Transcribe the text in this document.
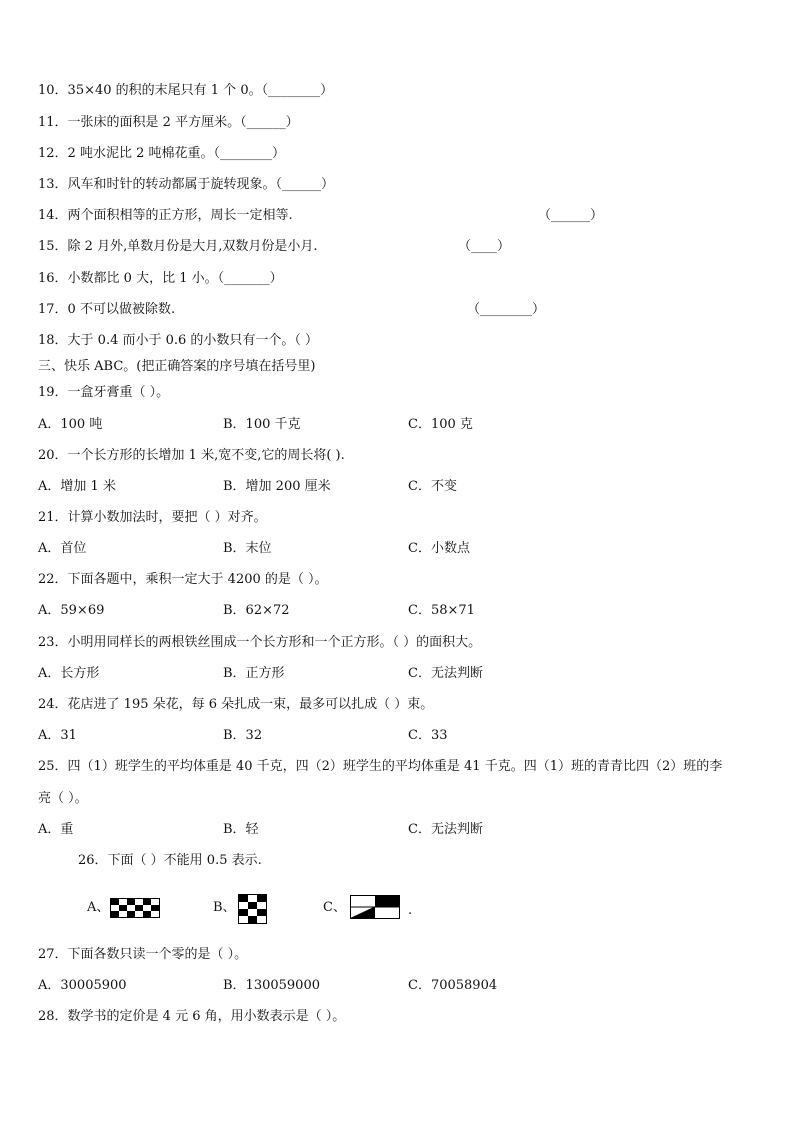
10．35×40 的积的末尾只有 1 个 0。（________）
11．一张床的面积是 2 平方厘米。（______）
12．2 吨水泥比 2 吨棉花重。（________）
13．风车和时针的转动都属于旋转现象。（______）
14．两个面积相等的正方形，周长一定相等.	（______）
15．除 2 月外,单数月份是大月,双数月份是小月.	（____）
16．小数都比 0 大，比 1 小。（_______）
17．0 不可以做被除数.	（________）
18．大于 0.4 而小于 0.6 的小数只有一个。（ ）
三、快乐 ABC。(把正确答案的序号填在括号里)
19．一盒牙膏重（ ）。
A．100 吨	B．100 千克	C．100 克
20．一个长方形的长增加 1 米,宽不变,它的周长将( ).
A．增加 1 米	B．增加 200 厘米	C．不变
21．计算小数加法时，要把（ ）对齐。
A．首位	B．末位	C．小数点
22．下面各题中，乘积一定大于 4200 的是（ ）。
A．59×69	B．62×72	C．58×71
23．小明用同样长的两根铁丝围成一个长方形和一个正方形。（ ）的面积大。
A．长方形	B．正方形	C．无法判断
24．花店进了 195 朵花，每 6 朵扎成一束，最多可以扎成（ ）束。
A．31	B．32	C．33
25．四（1）班学生的平均体重是 40 千克，四（2）班学生的平均体重是 41 千克。四（1）班的青青比四（2）班的李
亮（ ）。
A．重	B．轻	C．无法判断
26．下面（ ）不能用 0.5 表示.
A、	B、	C、	.
27．下面各数只读一个零的是（ ）。
A．30005900	B．130059000	C．70058904
28．数学书的定价是 4 元 6 角，用小数表示是（ ）。
